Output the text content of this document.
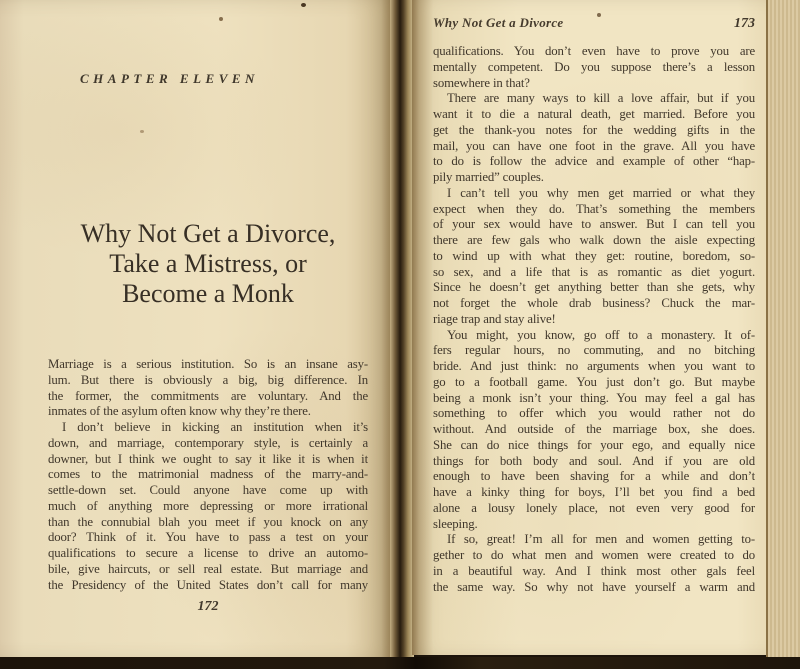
CHAPTER ELEVEN
Why Not Get a Divorce,
Take a Mistress, or
Become a Monk
Marriage is a serious institution. So is an insane asy-
lum. But there is obviously a big, big difference. In
the former, the commitments are voluntary. And the
inmates of the asylum often know why they’re there.
I don’t believe in kicking an institution when it’s
down, and marriage, contemporary style, is certainly a
downer, but I think we ought to say it like it is when it
comes to the matrimonial madness of the marry-and-
settle-down set. Could anyone have come up with
much of anything more depressing or more irrational
than the connubial blah you meet if you knock on any
door? Think of it. You have to pass a test on your
qualifications to secure a license to drive an automo-
bile, give haircuts, or sell real estate. But marriage and
the Presidency of the United States don’t call for many
172
Why Not Get a Divorce	173
qualifications. You don’t even have to prove you are
mentally competent. Do you suppose there’s a lesson
somewhere in that?
There are many ways to kill a love affair, but if you
want it to die a natural death, get married. Before you
get the thank-you notes for the wedding gifts in the
mail, you can have one foot in the grave. All you have
to do is follow the advice and example of other “hap-
pily married” couples.
I can’t tell you why men get married or what they
expect when they do. That’s something the members
of your sex would have to answer. But I can tell you
there are few gals who walk down the aisle expecting
to wind up with what they get: routine, boredom, so-
so sex, and a life that is as romantic as diet yogurt.
Since he doesn’t get anything better than she gets, why
not forget the whole drab business? Chuck the mar-
riage trap and stay alive!
You might, you know, go off to a monastery. It of-
fers regular hours, no commuting, and no bitching
bride. And just think: no arguments when you want to
go to a football game. You just don’t go. But maybe
being a monk isn’t your thing. You may feel a gal has
something to offer which you would rather not do
without. And outside of the marriage box, she does.
She can do nice things for your ego, and equally nice
things for both body and soul. And if you are old
enough to have been shaving for a while and don’t
have a kinky thing for boys, I’ll bet you find a bed
alone a lousy lonely place, not even very good for
sleeping.
If so, great! I’m all for men and women getting to-
gether to do what men and women were created to do
in a beautiful way. And I think most other gals feel
the same way. So why not have yourself a warm and
